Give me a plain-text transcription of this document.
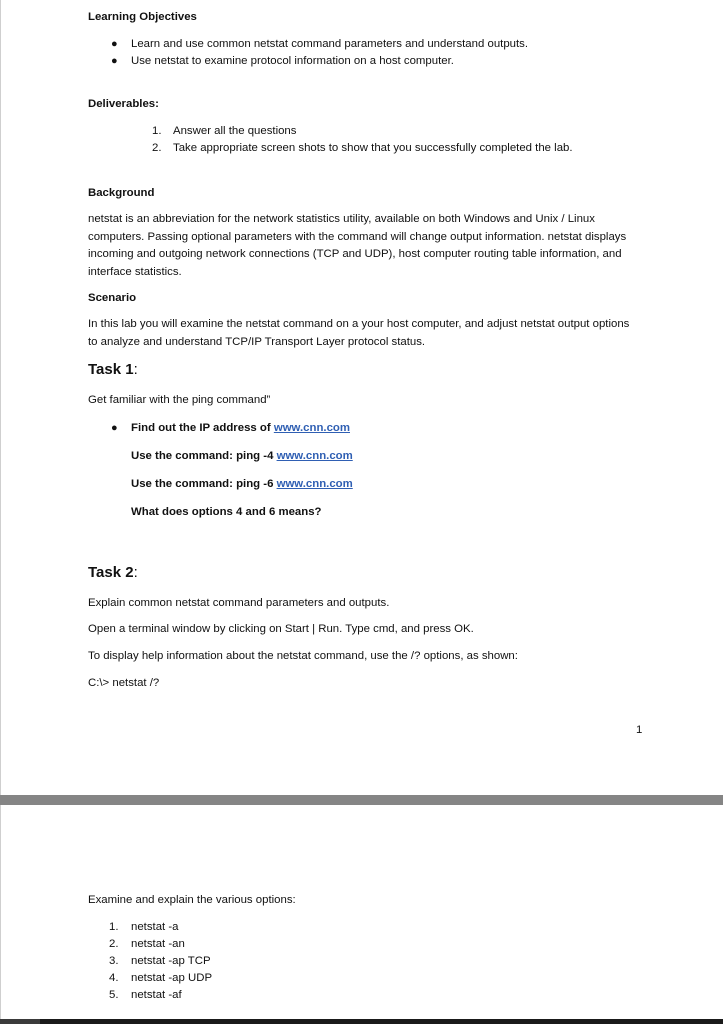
Learning Objectives
● Learn and use common netstat command parameters and understand outputs.
● Use netstat to examine protocol information on a host computer.
Deliverables:
1. Answer all the questions
2. Take appropriate screen shots to show that you successfully completed the lab.
Background
netstat is an abbreviation for the network statistics utility, available on both Windows and Unix / Linux computers. Passing optional parameters with the command will change output information. netstat displays incoming and outgoing network connections (TCP and UDP), host computer routing table information, and interface statistics.
Scenario
In this lab you will examine the netstat command on a your host computer, and adjust netstat output options to analyze and understand TCP/IP Transport Layer protocol status.
Task 1:
Get familiar with the ping command”
● Find out the IP address of www.cnn.com
Use the command: ping -4 www.cnn.com
Use the command: ping -6 www.cnn.com
What does options 4 and 6 means?
Task 2:
Explain common netstat command parameters and outputs.
Open a terminal window by clicking on Start | Run. Type cmd, and press OK.
To display help information about the netstat command, use the /? options, as shown:
C:\> netstat /?
1
Examine and explain the various options:
1. netstat -a
2. netstat -an
3. netstat -ap TCP
4. netstat -ap UDP
5. netstat -af
